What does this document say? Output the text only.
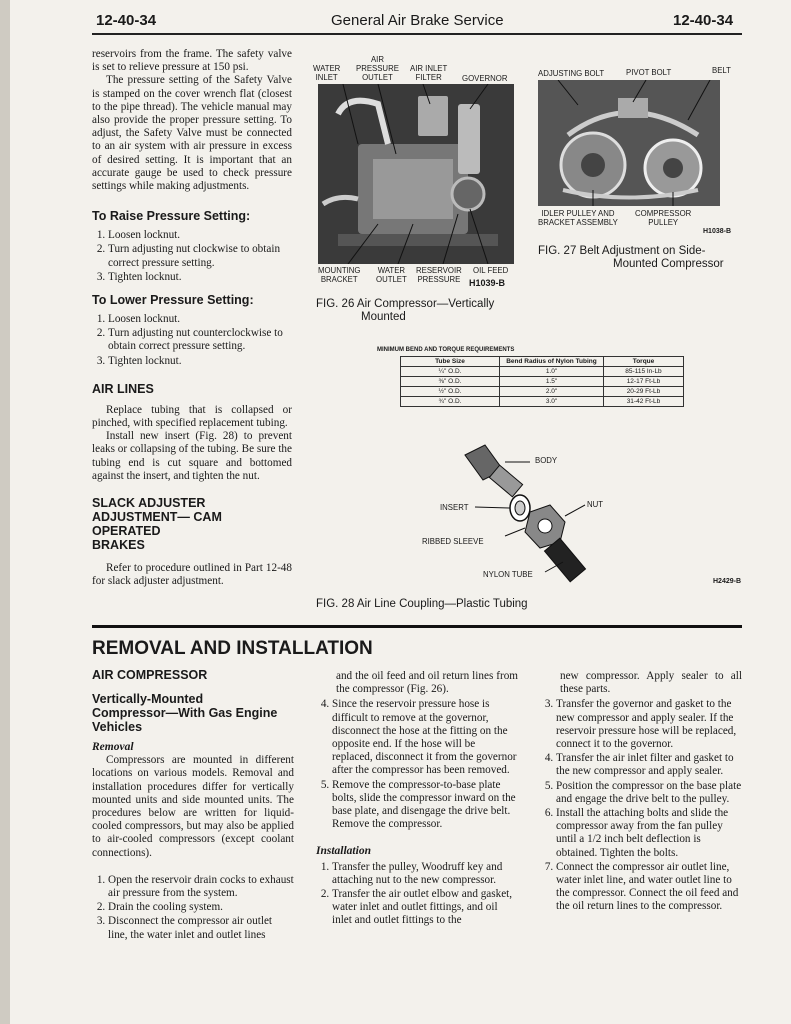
12-40-34	General Air Brake Service	12-40-34

reservoirs from the frame. The safety valve is set to relieve pressure at 150 psi.

The pressure setting of the Safety Valve is stamped on the cover wrench flat (closest to the pipe thread). The vehicle manual may also provide the proper pressure setting. To adjust, the Safety Valve must be connected to an air system with air pressure in excess of desired setting. It is important that an accurate gauge be used to check pressure settings while making adjustments.

To Raise Pressure Setting:
1. Loosen locknut.
2. Turn adjusting nut clockwise to obtain correct pressure setting.
3. Tighten locknut.
To Lower Pressure Setting:
1. Loosen locknut.
2. Turn adjusting nut counterclockwise to obtain correct pressure setting.
3. Tighten locknut.
AIR LINES

Replace tubing that is collapsed or pinched, with specified replacement tubing.

Install new insert (Fig. 28) to prevent leaks or collapsing of the tubing. Be sure the tubing end is cut square and bottomed against the insert, and tighten the nut.

SLACK ADJUSTER
ADJUSTMENT— CAM OPERATED
BRAKES

Refer to procedure outlined in Part 12-48 for slack adjuster adjustment.

WATER
INLET
AIR
PRESSURE
OUTLET
AIR INLET
FILTER	GOVERNOR
MOUNTING
BRACKET
WATER
OUTLET
RESERVOIR
PRESSURE
OIL FEED
H1039-B
FIG. 26 Air Compressor—Vertically
Mounted
ADJUSTING BOLT	PIVOT BOLT	BELT
IDLER PULLEY AND
BRACKET ASSEMBLY
COMPRESSOR
PULLEY
H1038-B
FIG. 27 Belt Adjustment on Side-
Mounted Compressor
MINIMUM BEND AND TORQUE REQUIREMENTS
Tube Size	Bend Radius of Nylon Tubing	Torque
¼" O.D.	1.0"	85-115 In-Lb
⅜" O.D.	1.5"	12-17 Ft-Lb
½" O.D.	2.0"	20-29 Ft-Lb
¾" O.D.	3.0"	31-42 Ft-Lb
BODY
INSERT	NUT
RIBBED SLEEVE
NYLON TUBE
H2429-B
FIG. 28 Air Line Coupling—Plastic Tubing
REMOVAL AND INSTALLATION
AIR COMPRESSOR
Vertically-Mounted
Compressor—With Gas Engine
Vehicles
Removal

Compressors are mounted in different locations on various models. Removal and installation procedures differ for vertically mounted units and side mounted units. The procedures below are written for liquid-cooled compressors, but may also be applied to air-cooled compressors (except coolant connections).

1. Open the reservoir drain cocks to exhaust air pressure from the system.
2. Drain the cooling system.
3. Disconnect the compressor air outlet line, the water inlet and outlet lines

and the oil feed and oil return lines from the compressor (Fig. 26).

4. Since the reservoir pressure hose is difficult to remove at the governor, disconnect the hose at the fitting on the opposite end. If the hose will be replaced, disconnect it from the governor after the compressor has been removed.
5. Remove the compressor-to-base plate bolts, slide the compressor inward on the base plate, and disengage the drive belt. Remove the compressor.
Installation
1. Transfer the pulley, Woodruff key and attaching nut to the new compressor.
2. Transfer the air outlet elbow and gasket, water inlet and outlet fittings, and oil inlet and outlet fittings to the

new compressor. Apply sealer to all these parts.

3. Transfer the governor and gasket to the new compressor and apply sealer. If the reservoir pressure hose will be replaced, connect it to the governor.
4. Transfer the air inlet filter and gasket to the new compressor and apply sealer.
5. Position the compressor on the base plate and engage the drive belt to the pulley.
6. Install the attaching bolts and slide the compressor away from the fan pulley until a 1/2 inch belt deflection is obtained. Tighten the bolts.
7. Connect the compressor air outlet line, water inlet line, and water outlet line to the compressor. Connect the oil feed and the oil return lines to the compressor.
